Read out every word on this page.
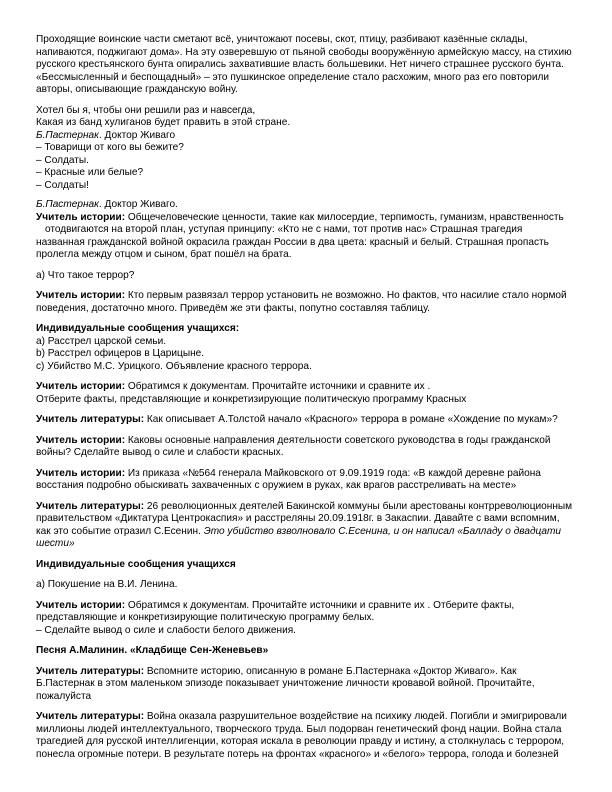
Проходящие воинские части сметают всё, уничтожают посевы, скот, птицу, разбивают казённые склады,
напиваются, поджигают дома». На эту озверевшую от пьяной свободы вооружённую армейскую массу, на стихию
русского крестьянского бунта опирались захватившие власть большевики. Нет ничего страшнее русского бунта.
«Бессмысленный и беспощадный» – это пушкинское определение стало расхожим, много раз его повторили
авторы, описывающие гражданскую войну.

Хотел бы я, чтобы они решили раз и навсегда,
Какая из банд хулиганов будет править в этой стране.
Б.Пастернак. Доктор Живаго
– Товарищи от кого вы бежите?
– Солдаты.
– Красные или белые?
– Солдаты!

Б.Пастернак. Доктор Живаго.

Учитель истории: Общечеловеческие ценности, такие как милосердие, терпимость, гуманизм, нравственность
отодвигаются на второй план, уступая принципу: «Кто не с нами, тот против нас» Страшная трагедия
названная гражданской войной окрасила граждан России в два цвета: красный и белый. Страшная пропасть
пролегла между отцом и сыном, брат пошёл на брата.

а) Что такое террор?

Учитель истории: Кто первым развязал террор установить не возможно. Но фактов, что насилие стало нормой
поведения, достаточно много. Приведём же эти факты, попутно составляя таблицу.

Индивидуальные сообщения учащихся:
a) Расстрел царской семьи.
b) Расстрел офицеров в Царицыне.
c) Убийство М.С. Урицкого. Объявление красного террора.

Учитель истории: Обратимся к документам. Прочитайте источники и сравните их .
Отберите факты, представляющие и конкретизирующие политическую программу Красных

Учитель литературы: Как описывает А.Толстой начало «Красного» террора в романе «Хождение по мукам»?

Учитель истории: Каковы основные направления деятельности советского руководства в годы гражданской
войны? Сделайте вывод о силе и слабости красных.

Учитель истории: Из приказа «№564 генерала Майковского от 9.09.1919 года: «В каждой деревне района
восстания подробно обыскивать захваченных с оружием в руках, как врагов расстреливать на месте»

Учитель литературы: 26 революционных деятелей Бакинской коммуны были арестованы контрреволюционным
правительством «Диктатура Центрокаспия» и расстреляны 20.09.1918г. в Закаспии. Давайте с вами вспомним,
как это событие отразил С.Есенин. Это убийство взволновало С.Есенина, и он написал «Балладу о двадцати
шести»

Индивидуальные сообщения учащихся

а) Покушение на В.И. Ленина.

Учитель истории: Обратимся к документам. Прочитайте источники и сравните их . Отберите факты,
представляющие и конкретизирующие политическую программу белых.
– Сделайте вывод о силе и слабости белого движения.

Песня А.Малинин. «Кладбище Сен-Женевьев»

Учитель литературы: Вспомните историю, описанную в романе Б.Пастернака «Доктор Живаго». Как
Б.Пастернак в этом маленьком эпизоде показывает уничтожение личности кровавой войной. Прочитайте,
пожалуйста

Учитель литературы: Война оказала разрушительное воздействие на психику людей. Погибли и эмигрировали
миллионы людей интеллектуального, творческого труда. Был подорван генетический фонд нации. Война стала
трагедией для русской интеллигенции, которая искала в революции правду и истину, а столкнулась с террором,
понесла огромные потери. В результате потерь на фронтах «красного» и «белого» террора, голода и болезней
